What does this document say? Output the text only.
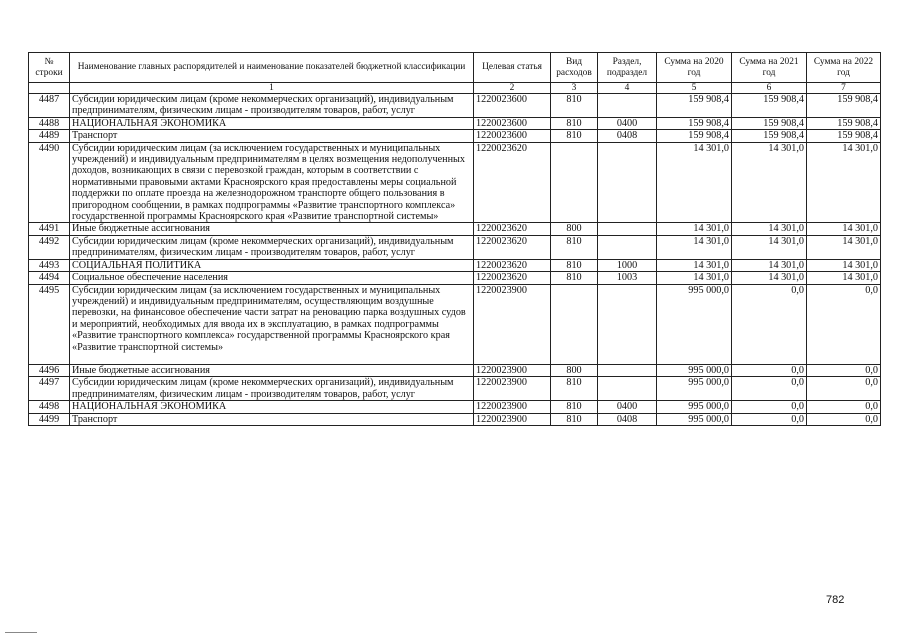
№ строки	Наименование главных распорядителей и наименование показателей бюджетной классификации	Целевая статья	Вид расходов	Раздел, подраздел	Сумма на 2020 год	Сумма на 2021 год	Сумма на 2022 год
	1	2	3	4	5	6	7
4487	Субсидии юридическим лицам (кроме некоммерческих организаций), индивидуальным предпринимателям, физическим лицам - производителям товаров, работ, услуг	1220023600	810		159 908,4	159 908,4	159 908,4
4488	НАЦИОНАЛЬНАЯ ЭКОНОМИКА	1220023600	810	0400	159 908,4	159 908,4	159 908,4
4489	Транспорт	1220023600	810	0408	159 908,4	159 908,4	159 908,4
4490	Субсидии юридическим лицам (за исключением государственных и муниципальных учреждений) и индивидуальным предпринимателям в целях возмещения недополученных доходов, возникающих в связи с перевозкой граждан, которым в соответствии с нормативными правовыми актами Красноярского края предоставлены меры социальной поддержки по оплате проезда на железнодорожном транспорте общего пользования в пригородном сообщении, в рамках подпрограммы «Развитие транспортного комплекса» государственной программы Красноярского края «Развитие транспортной системы»	1220023620			14 301,0	14 301,0	14 301,0
4491	Иные бюджетные ассигнования	1220023620	800		14 301,0	14 301,0	14 301,0
4492	Субсидии юридическим лицам (кроме некоммерческих организаций), индивидуальным предпринимателям, физическим лицам - производителям товаров, работ, услуг	1220023620	810		14 301,0	14 301,0	14 301,0
4493	СОЦИАЛЬНАЯ ПОЛИТИКА	1220023620	810	1000	14 301,0	14 301,0	14 301,0
4494	Социальное обеспечение населения	1220023620	810	1003	14 301,0	14 301,0	14 301,0
4495	Субсидии юридическим лицам (за исключением государственных и муниципальных учреждений) и индивидуальным предпринимателям, осуществляющим воздушные перевозки, на финансовое обеспечение части затрат на реновацию парка воздушных судов и мероприятий, необходимых для ввода их в эксплуатацию, в рамках подпрограммы «Развитие транспортного комплекса» государственной программы Красноярского края «Развитие транспортной системы»	1220023900			995 000,0	0,0	0,0
4496	Иные бюджетные ассигнования	1220023900	800		995 000,0	0,0	0,0
4497	Субсидии юридическим лицам (кроме некоммерческих организаций), индивидуальным предпринимателям, физическим лицам - производителям товаров, работ, услуг	1220023900	810		995 000,0	0,0	0,0
4498	НАЦИОНАЛЬНАЯ ЭКОНОМИКА	1220023900	810	0400	995 000,0	0,0	0,0
4499	Транспорт	1220023900	810	0408	995 000,0	0,0	0,0
782
